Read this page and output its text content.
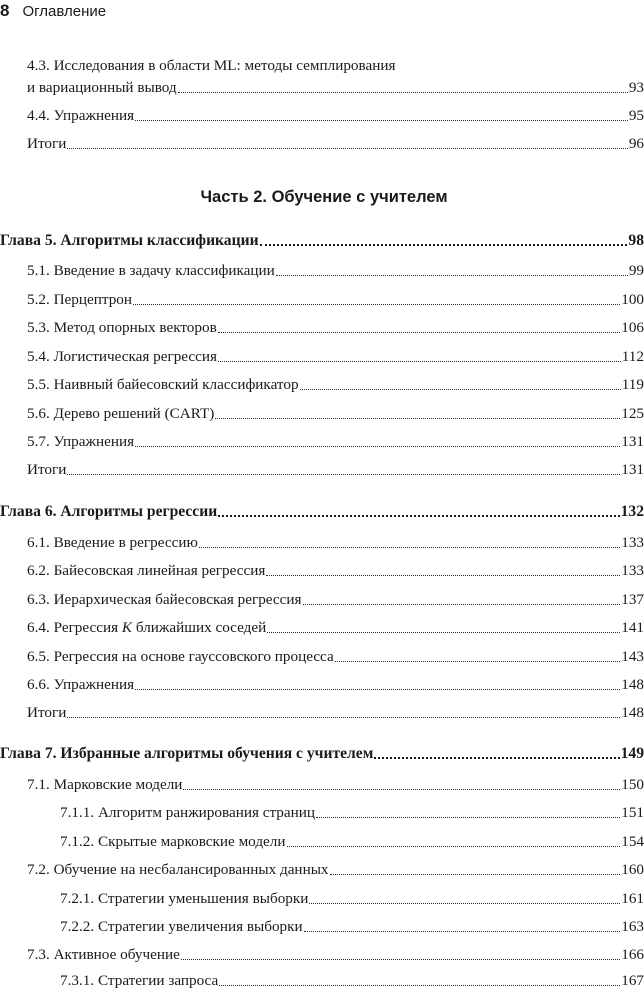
8 Оглавление
4.3. Исследования в области ML: методы семплирования
и вариационный вывод	93
4.4. Упражнения	95
Итоги	96
Часть 2. Обучение с учителем
Глава 5. Алгоритмы классификации	98
5.1. Введение в задачу классификации	99
5.2. Перцептрон	100
5.3. Метод опорных векторов	106
5.4. Логистическая регрессия	112
5.5. Наивный байесовский классификатор	119
5.6. Дерево решений (CART)	125
5.7. Упражнения	131
Итоги	131
Глава 6. Алгоритмы регрессии	132
6.1. Введение в регрессию	133
6.2. Байесовская линейная регрессия	133
6.3. Иерархическая байесовская регрессия	137
6.4. Регрессия K ближайших соседей	141
6.5. Регрессия на основе гауссовского процесса	143
6.6. Упражнения	148
Итоги	148
Глава 7. Избранные алгоритмы обучения с учителем	149
7.1. Марковские модели	150
7.1.1. Алгоритм ранжирования страниц	151
7.1.2. Скрытые марковские модели	154
7.2. Обучение на несбалансированных данных	160
7.2.1. Стратегии уменьшения выборки	161
7.2.2. Стратегии увеличения выборки	163
7.3. Активное обучение	166
7.3.1. Стратегии запроса	167
